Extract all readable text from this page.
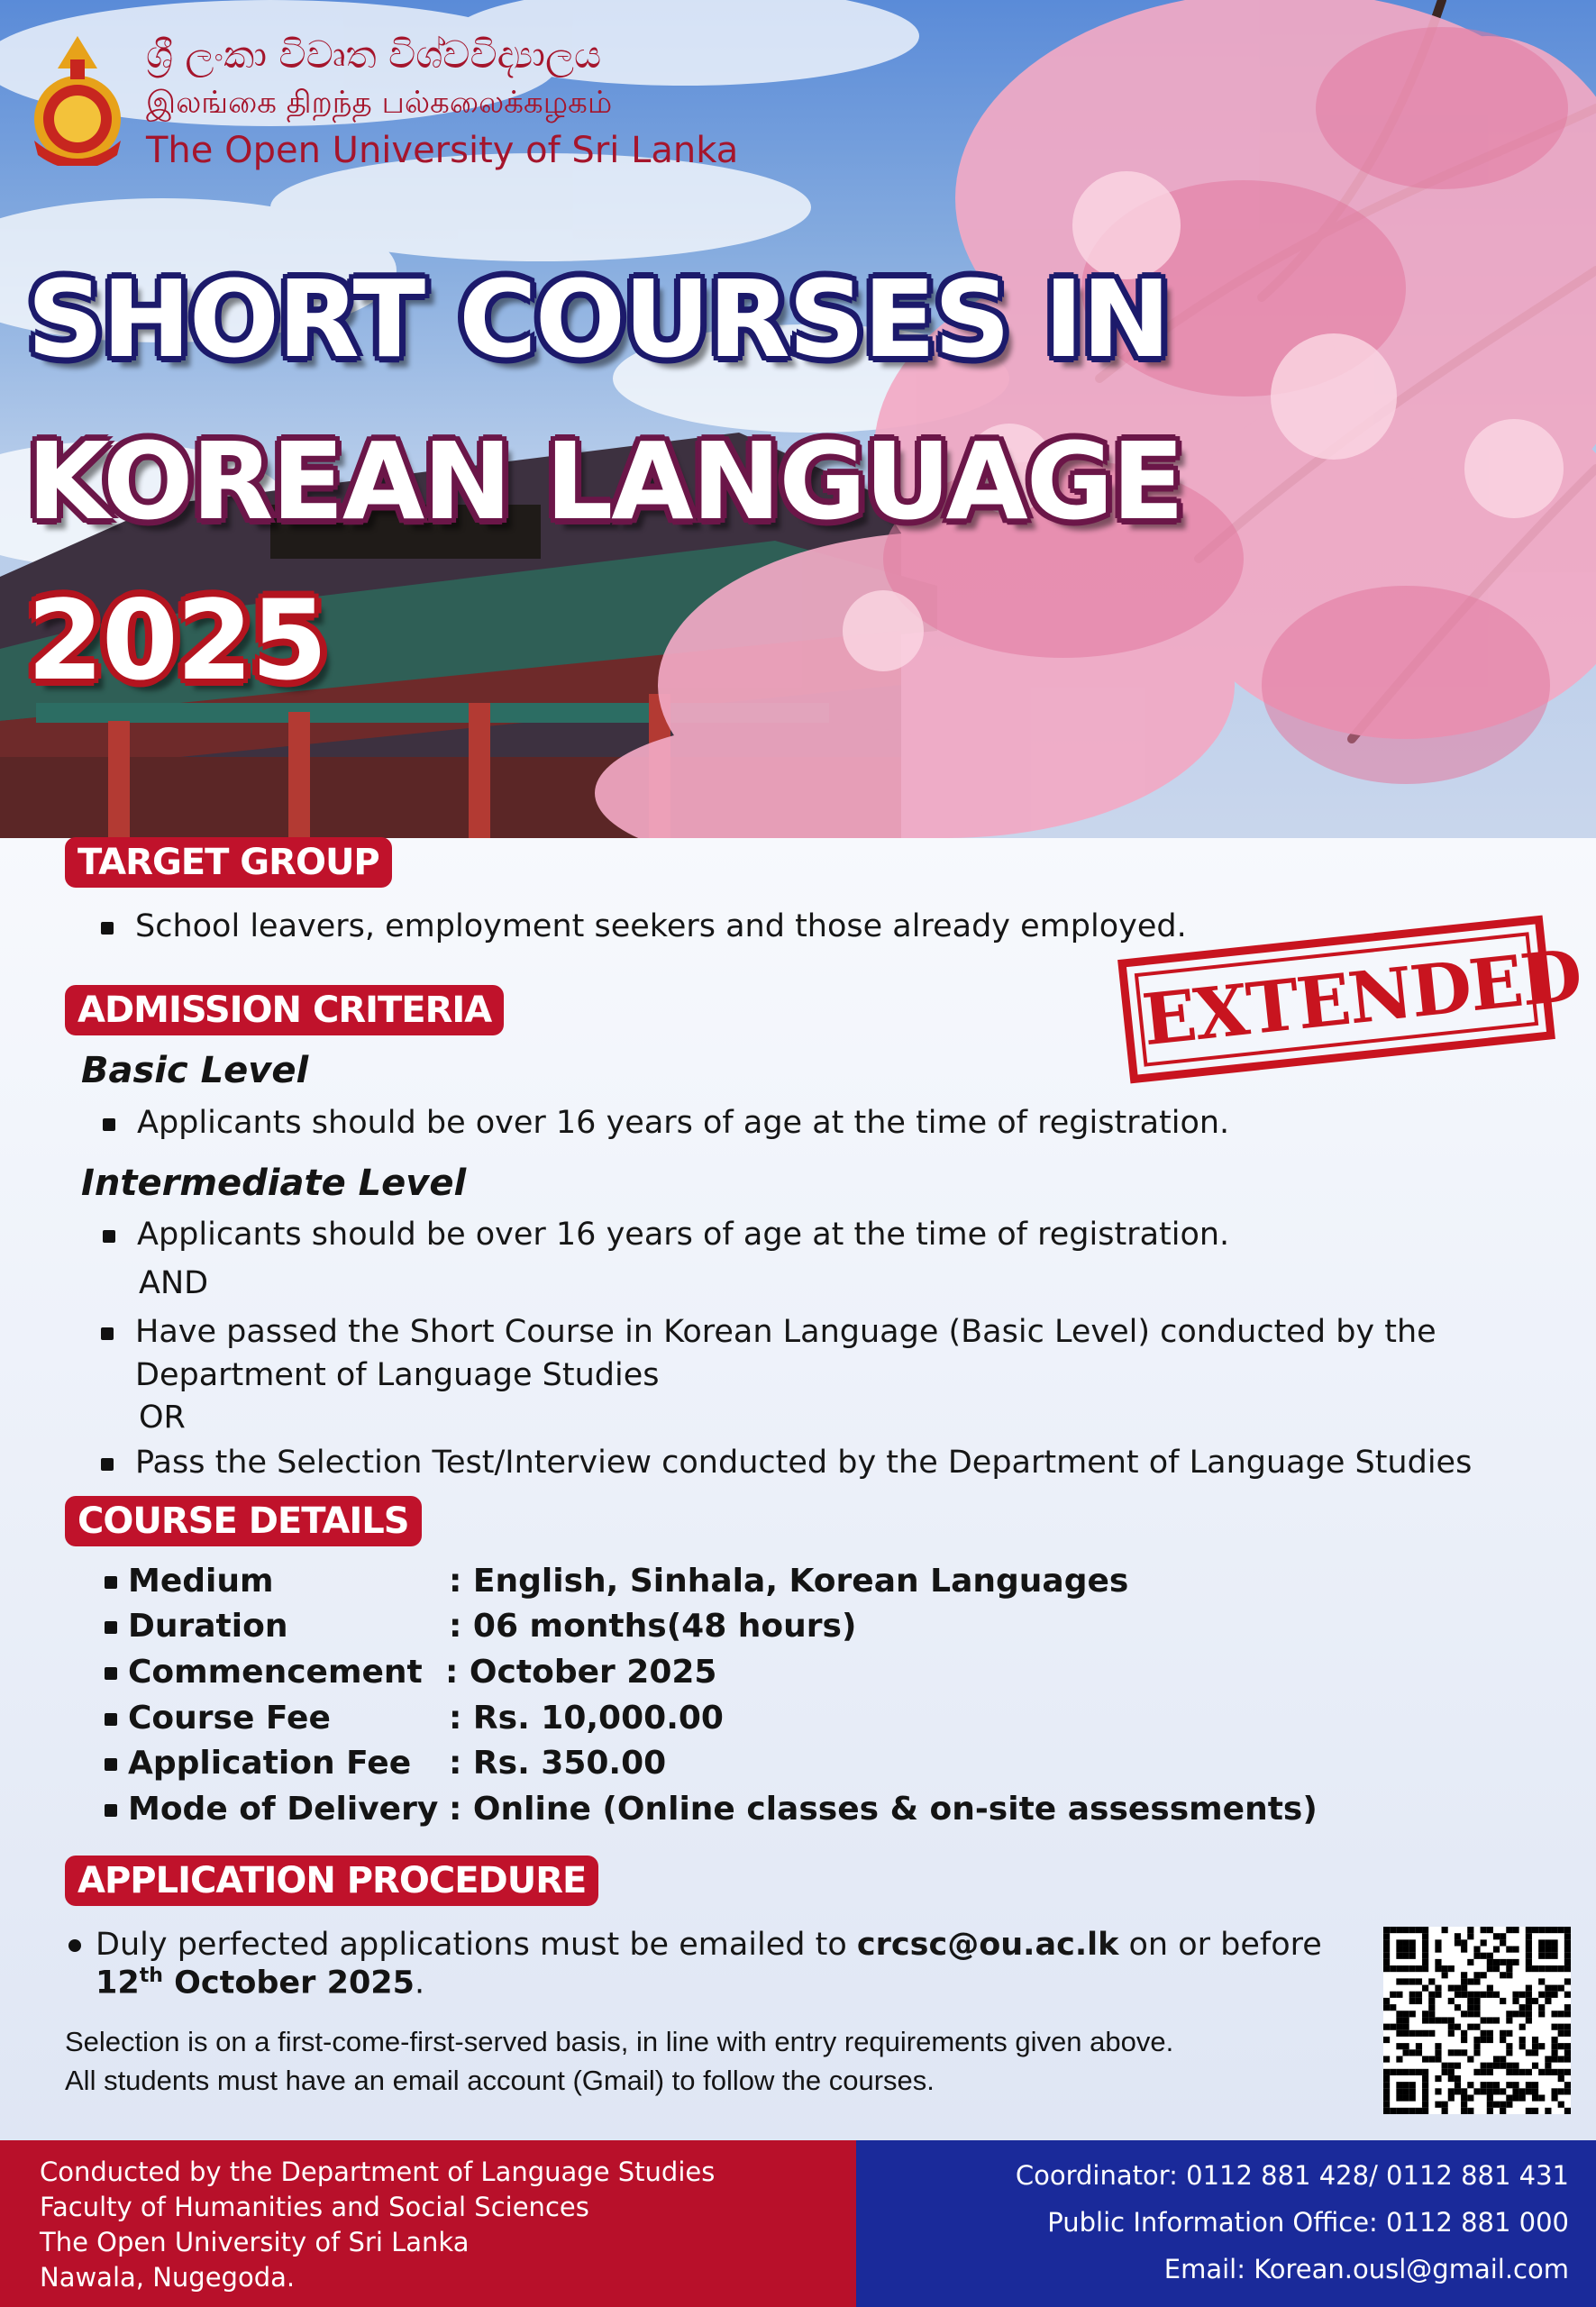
ශ්‍රී ලංකා විවෘත විශ්වවිද්‍යාලය
இலங்கை திறந்த பல்கலைக்கழகம்
The Open University of Sri Lanka
SHORT COURSES IN
KOREAN LANGUAGE
2025
TARGET GROUP
School leavers, employment seekers and those already employed.
ADMISSION CRITERIA	EXTENDED
Basic Level
Applicants should be over 16 years of age at the time of registration.
Intermediate Level
Applicants should be over 16 years of age at the time of registration.
AND
Have passed the Short Course in Korean Language (Basic Level) conducted by the
Department of Language Studies
OR
Pass the Selection Test/Interview conducted by the Department of Language Studies
COURSE DETAILS
Medium	: English, Sinhala, Korean Languages
Duration	: 06 months(48 hours)
Commencement : October 2025
Course Fee	: Rs. 10,000.00
Application Fee : Rs. 350.00
Mode of Delivery : Online (Online classes & on-site assessments)
APPLICATION PROCEDURE
Duly perfected applications must be emailed to crcsc@ou.ac.lk on or before
12th October 2025.
Selection is on a first-come-first-served basis, in line with entry requirements given above.
All students must have an email account (Gmail) to follow the courses.
Conducted by the Department of Language Studies
Faculty of Humanities and Social Sciences
The Open University of Sri Lanka
Nawala, Nugegoda.
Coordinator: 0112 881 428/ 0112 881 431
Public Information Office: 0112 881 000
Email: Korean.ousl@gmail.com
